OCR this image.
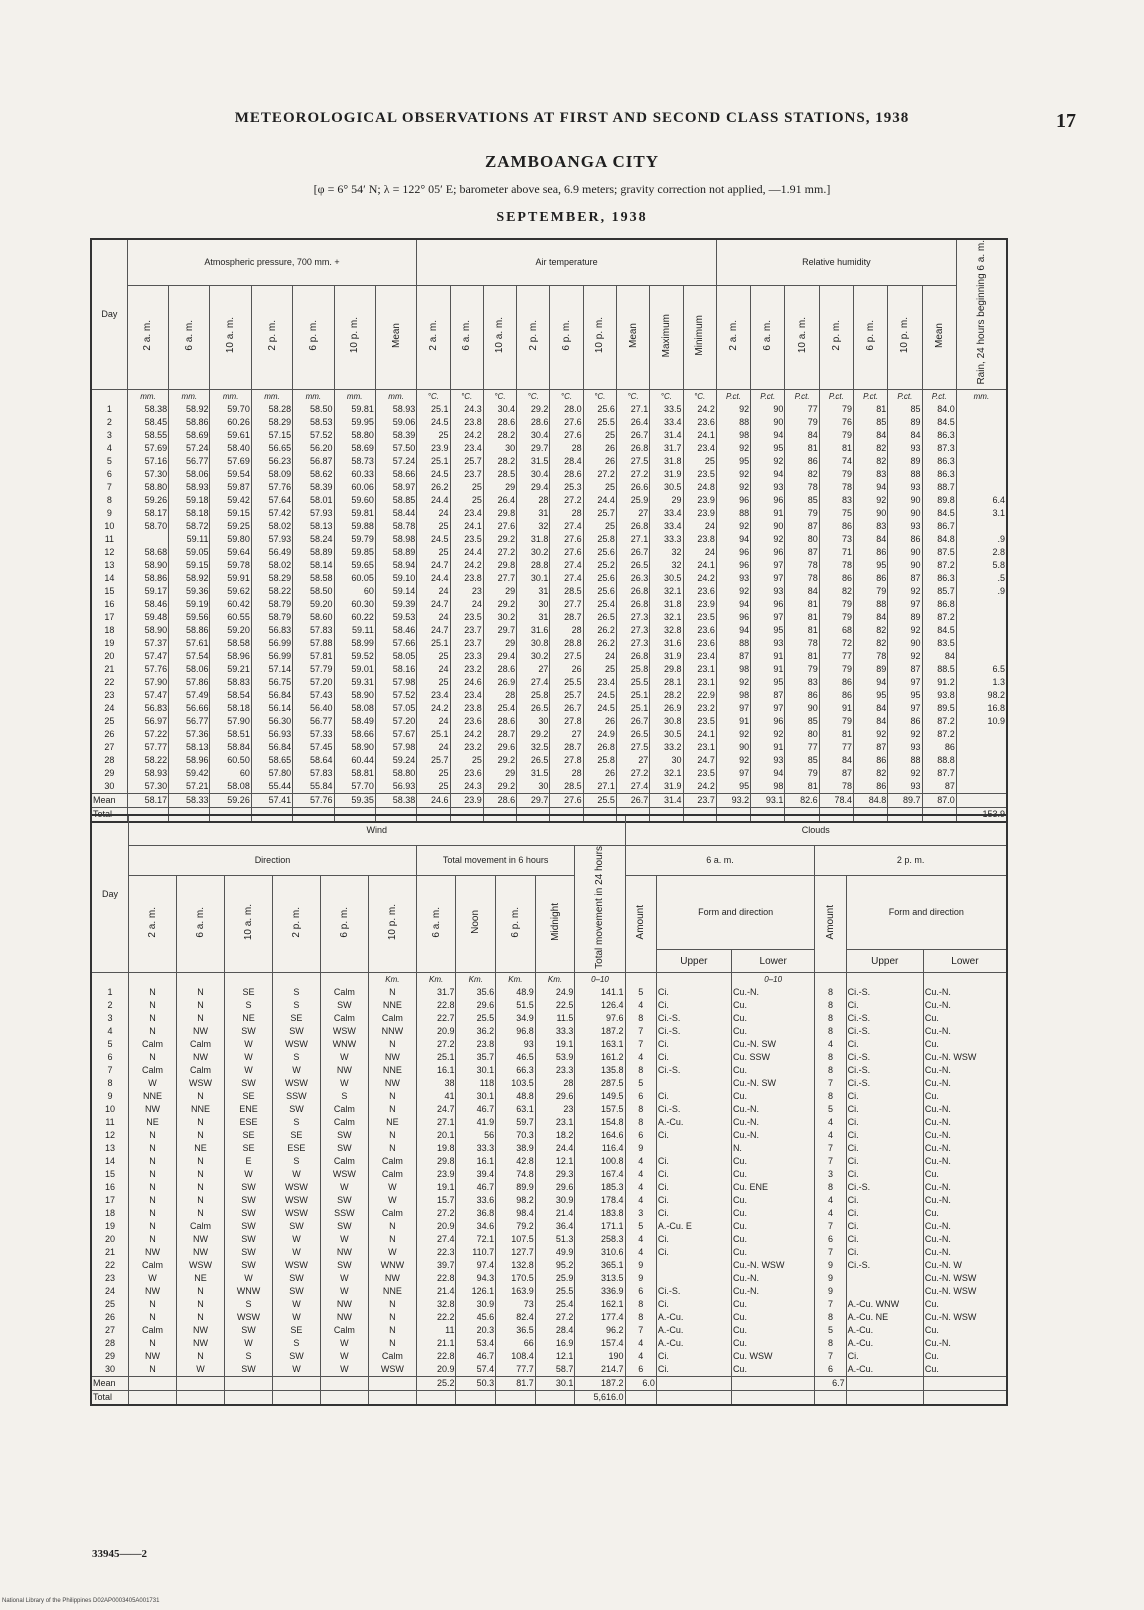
METEOROLOGICAL OBSERVATIONS AT FIRST AND SECOND CLASS STATIONS, 1938	17
ZAMBOANGA CITY
[φ = 6° 54′ N; λ = 122° 05′ E; barometer above sea, 6.9 meters; gravity correction not applied, —1.91 mm.]
SEPTEMBER, 1938
Day	Atmospheric pressure, 700 mm. +							Air temperature									Relative humidity							Rain, 24 hours beginning 6 a. m.
	2 a. m.	6 a. m.	10 a. m.	2 p. m.	6 p. m.	10 p. m.	Mean	2 a. m.	6 a. m.	10 a. m.	2 p. m.	6 p. m.	10 p. m.	Mean	Maximum	Minimum	2 a. m.	6 a. m.	10 a. m.	2 p. m.	6 p. m.	10 p. m.	Mean	
	mm.	mm.	mm.	mm.	mm.	mm.	mm.	°C.	°C.	°C.	°C.	°C.	°C.	°C.	°C.	°C.	P.ct.	P.ct.	P.ct.	P.ct.	P.ct.	P.ct.	P.ct.	mm.
1	58.38	58.92	59.70	58.28	58.50	59.81	58.93	25.1	24.3	30.4	29.2	28.0	25.6	27.1	33.5	24.2	92	90	77	79	81	85	84.0	
2	58.45	58.86	60.26	58.29	58.53	59.95	59.06	24.5	23.8	28.6	28.6	27.6	25.5	26.4	33.4	23.6	88	90	79	76	85	89	84.5	
3	58.55	58.69	59.61	57.15	57.52	58.80	58.39	25	24.2	28.2	30.4	27.6	25	26.7	31.4	24.1	98	94	84	79	84	84	86.3	
4	57.69	57.24	58.40	56.65	56.20	58.69	57.50	23.9	23.4	30	29.7	28	26	26.8	31.7	23.4	92	95	81	81	82	93	87.3	
5	57.16	56.77	57.69	56.23	56.87	58.73	57.24	25.1	25.7	28.2	31.5	28.4	26	27.5	31.8	25	95	92	86	74	82	89	86.3	
6	57.30	58.06	59.54	58.09	58.62	60.33	58.66	24.5	23.7	28.5	30.4	28.6	27.2	27.2	31.9	23.5	92	94	82	79	83	88	86.3	
7	58.80	58.93	59.87	57.76	58.39	60.06	58.97	26.2	25	29	29.4	25.3	25	26.6	30.5	24.8	92	93	78	78	94	93	88.7	
8	59.26	59.18	59.42	57.64	58.01	59.60	58.85	24.4	25	26.4	28	27.2	24.4	25.9	29	23.9	96	96	85	83	92	90	89.8	6.4
9	58.17	58.18	59.15	57.42	57.93	59.81	58.44	24	23.4	29.8	31	28	25.7	27	33.4	23.9	88	91	79	75	90	90	84.5	3.1
10	58.70	58.72	59.25	58.02	58.13	59.88	58.78	25	24.1	27.6	32	27.4	25	26.8	33.4	24	92	90	87	86	83	93	86.7	
11		59.11	59.80	57.93	58.24	59.79	58.98	24.5	23.5	29.2	31.8	27.6	25.8	27.1	33.3	23.8	94	92	80	73	84	86	84.8	.9
12	58.68	59.05	59.64	56.49	58.89	59.85	58.89	25	24.4	27.2	30.2	27.6	25.6	26.7	32	24	96	96	87	71	86	90	87.5	2.8
13	58.90	59.15	59.78	58.02	58.14	59.65	58.94	24.7	24.2	29.8	28.8	27.4	25.2	26.5	32	24.1	96	97	78	78	95	90	87.2	5.8
14	58.86	58.92	59.91	58.29	58.58	60.05	59.10	24.4	23.8	27.7	30.1	27.4	25.6	26.3	30.5	24.2	93	97	78	86	86	87	86.3	.5
15	59.17	59.36	59.62	58.22	58.50	60	59.14	24	23	29	31	28.5	25.6	26.8	32.1	23.6	92	93	84	82	79	92	85.7	.9
16	58.46	59.19	60.42	58.79	59.20	60.30	59.39	24.7	24	29.2	30	27.7	25.4	26.8	31.8	23.9	94	96	81	79	88	97	86.8	
17	59.48	59.56	60.55	58.79	58.60	60.22	59.53	24	23.5	30.2	31	28.7	26.5	27.3	32.1	23.5	96	97	81	79	84	89	87.2	
18	58.90	58.86	59.20	56.83	57.83	59.11	58.46	24.7	23.7	29.7	31.6	28	26.2	27.3	32.8	23.6	94	95	81	68	82	92	84.5	
19	57.37	57.61	58.58	56.99	57.88	58.99	57.66	25.1	23.7	29	30.8	28.8	26.2	27.3	31.6	23.6	88	93	78	72	82	90	83.5	
20	57.47	57.54	58.96	56.99	57.81	59.52	58.05	25	23.3	29.4	30.2	27.5	24	26.8	31.9	23.4	87	91	81	77	78	92	84	
21	57.76	58.06	59.21	57.14	57.79	59.01	58.16	24	23.2	28.6	27	26	25	25.8	29.8	23.1	98	91	79	79	89	87	88.5	6.5
22	57.90	57.86	58.83	56.75	57.20	59.31	57.98	25	24.6	26.9	27.4	25.5	23.4	25.5	28.1	23.1	92	95	83	86	94	97	91.2	1.3
23	57.47	57.49	58.54	56.84	57.43	58.90	57.52	23.4	23.4	28	25.8	25.7	24.5	25.1	28.2	22.9	98	87	86	86	95	95	93.8	98.2
24	56.83	56.66	58.18	56.14	56.40	58.08	57.05	24.2	23.8	25.4	26.5	26.7	24.5	25.1	26.9	23.2	97	97	90	91	84	97	89.5	16.8
25	56.97	56.77	57.90	56.30	56.77	58.49	57.20	24	23.6	28.6	30	27.8	26	26.7	30.8	23.5	91	96	85	79	84	86	87.2	10.9
26	57.22	57.36	58.51	56.93	57.33	58.66	57.67	25.1	24.2	28.7	29.2	27	24.9	26.5	30.5	24.1	92	92	80	81	92	92	87.2	
27	57.77	58.13	58.84	56.84	57.45	58.90	57.98	24	23.2	29.6	32.5	28.7	26.8	27.5	33.2	23.1	90	91	77	77	87	93	86	
28	58.22	58.96	60.50	58.65	58.64	60.44	59.24	25.7	25	29.2	26.5	27.8	25.8	27	30	24.7	92	93	85	84	86	88	88.8	
29	58.93	59.42	60	57.80	57.83	58.81	58.80	25	23.6	29	31.5	28	26	27.2	32.1	23.5	97	94	79	87	82	92	87.7	
30	57.30	57.21	58.08	55.44	55.84	57.70	56.93	25	24.3	29.2	30	28.5	27.1	27.4	31.9	24.2	95	98	81	78	86	93	87	
Mean	58.17	58.33	59.26	57.41	57.76	59.35	58.38	24.6	23.9	28.6	29.7	27.6	25.5	26.7	31.4	23.7	93.2	93.1	82.6	78.4	84.8	89.7	87.0	
Total																								153.9
Day	Wind											Clouds					
	Direction						Total movement in 6 hours				Total movement in 24 hours	6 a. m.			2 p. m.		
	2 a. m.	6 a. m.	10 a. m.	2 p. m.	6 p. m.	10 p. m.	6 a. m.	Noon	6 p. m.	Midnight		Amount	Form and direction		Amount	Form and direction	
													Upper	Lower		Upper	Lower
						Km.	Km.	Km.	Km.	Km.	0–10			0–10			
1	N	N	SE	S	Calm	N	31.7	35.6	48.9	24.9	141.1	5	Ci.	Cu.-N.	8	Ci.-S.	Cu.-N.
2	N	N	S	S	SW	NNE	22.8	29.6	51.5	22.5	126.4	4	Ci.	Cu.	8	Ci.	Cu.-N.
3	N	N	NE	SE	Calm	Calm	22.7	25.5	34.9	11.5	97.6	8	Ci.-S.	Cu.	8	Ci.-S.	Cu.
4	N	NW	SW	SW	WSW	NNW	20.9	36.2	96.8	33.3	187.2	7	Ci.-S.	Cu.	8	Ci.-S.	Cu.-N.
5	Calm	Calm	W	WSW	WNW	N	27.2	23.8	93	19.1	163.1	7	Ci.	Cu.-N. SW	4	Ci.	Cu.
6	N	NW	W	S	W	NW	25.1	35.7	46.5	53.9	161.2	4	Ci.	Cu. SSW	8	Ci.-S.	Cu.-N. WSW
7	Calm	Calm	W	W	NW	NNE	16.1	30.1	66.3	23.3	135.8	8	Ci.-S.	Cu.	8	Ci.-S.	Cu.-N.
8	W	WSW	SW	WSW	W	NW	38	118	103.5	28	287.5	5		Cu.-N. SW	7	Ci.-S.	Cu.-N.
9	NNE	N	SE	SSW	S	N	41	30.1	48.8	29.6	149.5	6	Ci.	Cu.	8	Ci.	Cu.
10	NW	NNE	ENE	SW	Calm	N	24.7	46.7	63.1	23	157.5	8	Ci.-S.	Cu.-N.	5	Ci.	Cu.-N.
11	NE	N	ESE	S	Calm	NE	27.1	41.9	59.7	23.1	154.8	8	A.-Cu.	Cu.-N.	4	Ci.	Cu.-N.
12	N	N	SE	SE	SW	N	20.1	56	70.3	18.2	164.6	6	Ci.	Cu.-N.	4	Ci.	Cu.-N.
13	N	NE	SE	ESE	SW	N	19.8	33.3	38.9	24.4	116.4	9		N.	7	Ci.	Cu.-N.
14	N	N	E	S	Calm	Calm	29.8	16.1	42.8	12.1	100.8	4	Ci.	Cu.	7	Ci.	Cu.-N.
15	N	N	W	W	WSW	Calm	23.9	39.4	74.8	29.3	167.4	4	Ci.	Cu.	3	Ci.	Cu.
16	N	N	SW	WSW	W	W	19.1	46.7	89.9	29.6	185.3	4	Ci.	Cu. ENE	8	Ci.-S.	Cu.-N.
17	N	N	SW	WSW	SW	W	15.7	33.6	98.2	30.9	178.4	4	Ci.	Cu.	4	Ci.	Cu.-N.
18	N	N	SW	WSW	SSW	Calm	27.2	36.8	98.4	21.4	183.8	3	Ci.	Cu.	4	Ci.	Cu.
19	N	Calm	SW	SW	SW	N	20.9	34.6	79.2	36.4	171.1	5	A.-Cu. E	Cu.	7	Ci.	Cu.-N.
20	N	NW	SW	W	W	N	27.4	72.1	107.5	51.3	258.3	4	Ci.	Cu.	6	Ci.	Cu.-N.
21	NW	NW	SW	W	NW	W	22.3	110.7	127.7	49.9	310.6	4	Ci.	Cu.	7	Ci.	Cu.-N.
22	Calm	WSW	SW	WSW	SW	WNW	39.7	97.4	132.8	95.2	365.1	9		Cu.-N. WSW	9	Ci.-S.	Cu.-N. W
23	W	NE	W	SW	W	NW	22.8	94.3	170.5	25.9	313.5	9		Cu.-N.	9		Cu.-N. WSW
24	NW	N	WNW	SW	W	NNE	21.4	126.1	163.9	25.5	336.9	6	Ci.-S.	Cu.-N.	9		Cu.-N. WSW
25	N	N	S	W	NW	N	32.8	30.9	73	25.4	162.1	8	Ci.	Cu.	7	A.-Cu. WNW	Cu.
26	N	N	WSW	W	NW	N	22.2	45.6	82.4	27.2	177.4	8	A.-Cu.	Cu.	8	A.-Cu. NE	Cu.-N. WSW
27	Calm	NW	SW	SE	Calm	N	11	20.3	36.5	28.4	96.2	7	A.-Cu.	Cu.	5	A.-Cu.	Cu.
28	N	NW	W	S	W	N	21.1	53.4	66	16.9	157.4	4	A.-Cu.	Cu.	8	A.-Cu.	Cu.-N.
29	NW	N	S	SW	W	Calm	22.8	46.7	108.4	12.1	190	4	Ci.	Cu. WSW	7	Ci.	Cu.
30	N	W	SW	W	W	WSW	20.9	57.4	77.7	58.7	214.7	6	Ci.	Cu.	6	A.-Cu.	Cu.
Mean							25.2	50.3	81.7	30.1	187.2	6.0			6.7		
Total											5,616.0						
33945——2
National Library of the Philippines D02AP0003405A001731
